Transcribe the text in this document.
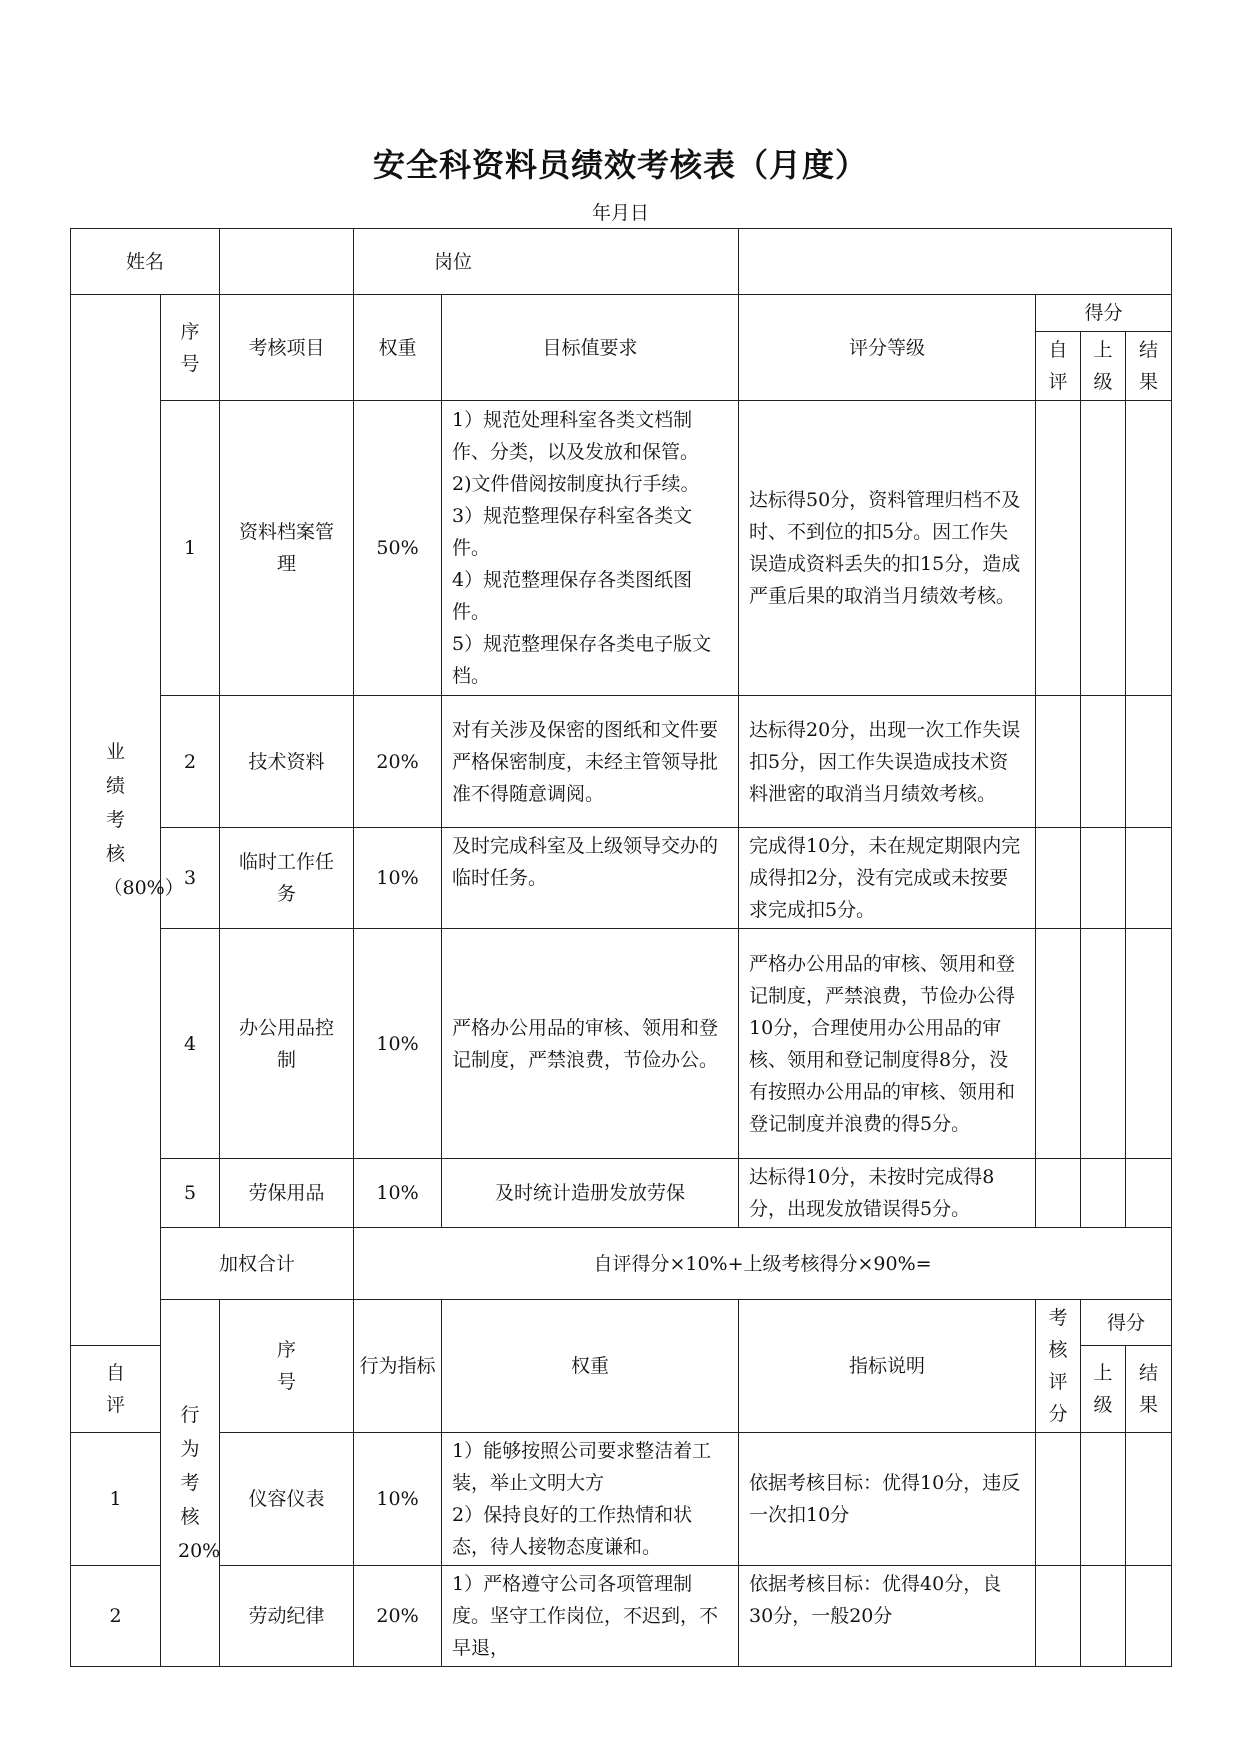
安全科资料员绩效考核表（月度）
年月日
姓名			岗位					

业绩考核（80%）	序号	考核项目	权重	目标值要求	评分等级	得分		

						自评	上级	结果

	1	资料档案管理	50%	1）规范处理科室各类文档制作、分类，以及发放和保管。
2)文件借阅按制度执行手续。
3）规范整理保存科室各类文件。
4）规范整理保存各类图纸图件。
5）规范整理保存各类电子版文档。	达标得50分，资料管理归档不及时、不到位的扣5分。因工作失误造成资料丢失的扣15分，造成严重后果的取消当月绩效考核。			
	2	技术资料	20%	对有关涉及保密的图纸和文件要严格保密制度，未经主管领导批准不得随意调阅。	达标得20分，出现一次工作失误扣5分，因工作失误造成技术资料泄密的取消当月绩效考核。			
	3	临时工作任务	10%	及时完成科室及上级领导交办的临时任务。	完成得10分，未在规定期限内完成得扣2分，没有完成或未按要求完成扣5分。			
	4	办公用品控制	10%	严格办公用品的审核、领用和登记制度，严禁浪费，节俭办公。	严格办公用品的审核、领用和登记制度，严禁浪费，节俭办公得10分，合理使用办公用品的审核、领用和登记制度得8分，没有按照办公用品的审核、领用和登记制度并浪费的得5分。			
	5	劳保用品	10%	及时统计造册发放劳保	达标得10分，未按时完成得8分，出现发放错误得5分。			
	加权合计		自评得分×10%+上级考核得分×90%=					

	行为考核20%	序号	行为指标	权重	指标说明	考核评分	得分	

自评							上级	结果

1		仪容仪表	10%	1）能够按照公司要求整洁着工装，举止文明大方
2）保持良好的工作热情和状态，待人接物态度谦和。	依据考核目标：优得10分，违反一次扣10分			
2		劳动纪律	20%	1）严格遵守公司各项管理制度。坚守工作岗位，不迟到，不早退，	依据考核目标：优得40分，良30分，一般20分			
